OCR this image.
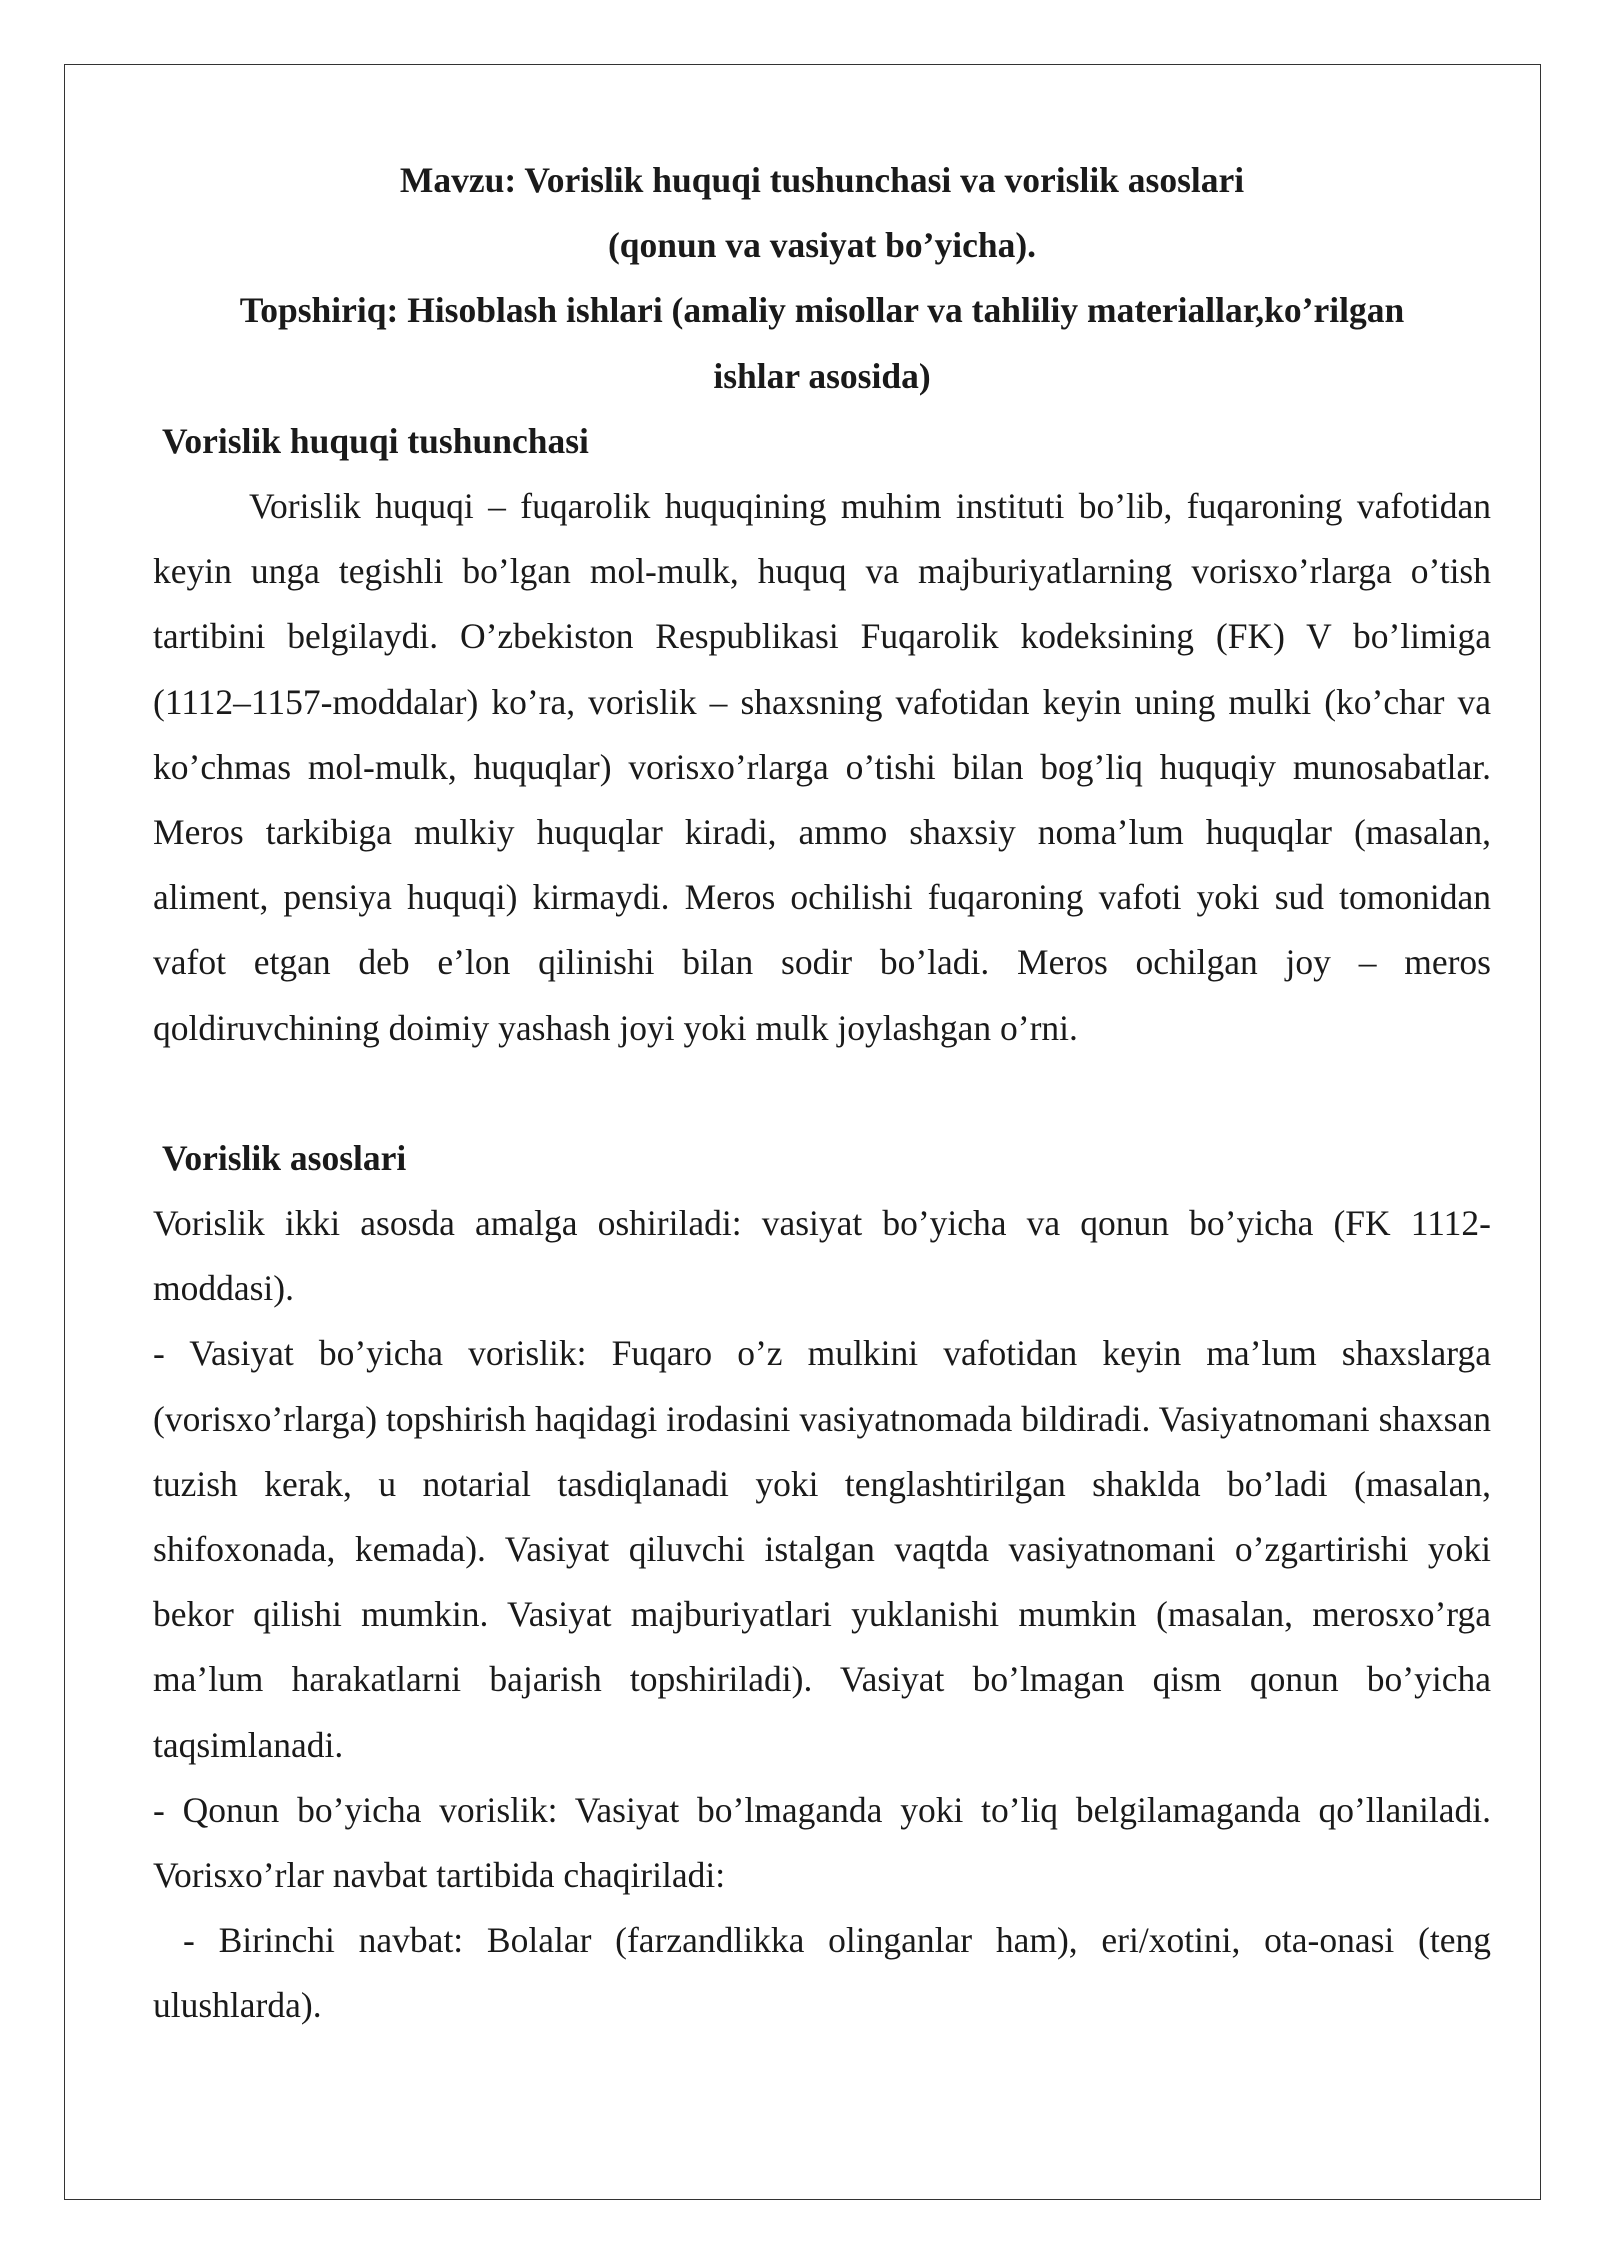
Mavzu: Vorislik huquqi tushunchasi va vorislik asoslari
(qonun va vasiyat bo’yicha).
Topshiriq: Hisoblash ishlari (amaliy misollar va tahliliy materiallar,ko’rilgan
ishlar asosida)
Vorislik huquqi tushunchasi

Vorislik huquqi – fuqarolik huquqining muhim instituti bo’lib, fuqaroning vafotidan keyin unga tegishli bo’lgan mol-mulk, huquq va majburiyatlarning vorisxo’rlarga o’tish tartibini belgilaydi. O’zbekiston Respublikasi Fuqarolik kodeksining (FK) V bo’limiga (1112–1157-moddalar) ko’ra, vorislik – shaxsning vafotidan keyin uning mulki (ko’char va ko’chmas mol-mulk, huquqlar) vorisxo’rlarga o’tishi bilan bog’liq huquqiy munosabatlar. Meros tarkibiga mulkiy huquqlar kiradi, ammo shaxsiy noma’lum huquqlar (masalan, aliment, pensiya huquqi) kirmaydi. Meros ochilishi fuqaroning vafoti yoki sud tomonidan vafot etgan deb e’lon qilinishi bilan sodir bo’ladi. Meros ochilgan joy – meros qoldiruvchining doimiy yashash joyi yoki mulk joylashgan o’rni.

Vorislik asoslari

Vorislik ikki asosda amalga oshiriladi: vasiyat bo’yicha va qonun bo’yicha (FK 1112-moddasi).

- Vasiyat bo’yicha vorislik: Fuqaro o’z mulkini vafotidan keyin ma’lum shaxslarga (vorisxo’rlarga) topshirish haqidagi irodasini vasiyatnomada bildiradi. Vasiyatnomani shaxsan tuzish kerak, u notarial tasdiqlanadi yoki tenglashtirilgan shaklda bo’ladi (masalan, shifoxonada, kemada). Vasiyat qiluvchi istalgan vaqtda vasiyatnomani o’zgartirishi yoki bekor qilishi mumkin. Vasiyat majburiyatlari yuklanishi mumkin (masalan, merosxo’rga ma’lum harakatlarni bajarish topshiriladi). Vasiyat bo’lmagan qism qonun bo’yicha taqsimlanadi.

- Qonun bo’yicha vorislik: Vasiyat bo’lmaganda yoki to’liq belgilamaganda qo’llaniladi. Vorisxo’rlar navbat tartibida chaqiriladi:

- Birinchi navbat: Bolalar (farzandlikka olinganlar ham), eri/xotini, ota-onasi (teng ulushlarda).
